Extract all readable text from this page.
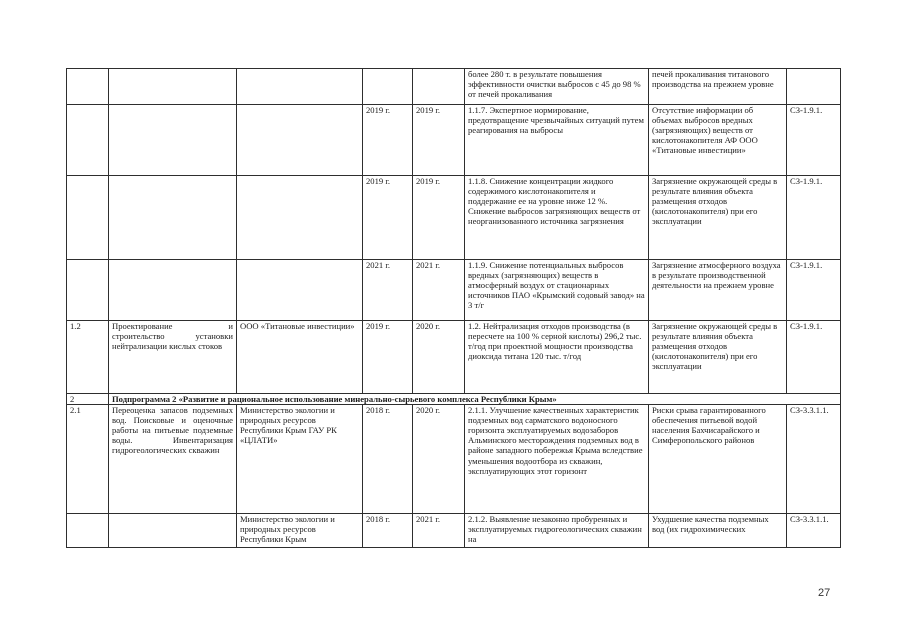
					более 280 т. в результате повышения эффективности очистки выбросов с 45 до 98 % от печей прокаливания	печей прокаливания титанового производства на прежнем уровне	
			2019 г.	2019 г.	1.1.7. Экспертное нормирование, предотвращение чрезвычайных ситуаций путем реагирования на выбросы	Отсутствие информации об объемах выбросов вредных (загрязняющих) веществ от кислотонакопителя АФ ООО «Титановые инвестиции»	СЗ-1.9.1.
			2019 г.	2019 г.	1.1.8. Снижение концентрации жидкого содержимого кислотонакопителя и поддержание ее на уровне ниже 12 %. Снижение выбросов загрязняющих веществ от неорганизованного источника загрязнения	Загрязнение окружающей среды в результате влияния объекта размещения отходов (кислотонакопителя) при его эксплуатации	СЗ-1.9.1.
			2021 г.	2021 г.	1.1.9. Снижение потенциальных выбросов вредных (загрязняющих) веществ в атмосферный воздух от стационарных источников ПАО «Крымский содовый завод» на 3 т/г	Загрязнение атмосферного воздуха в результате производственной деятельности на прежнем уровне	СЗ-1.9.1.
1.2	Проектирование и строительство установки нейтрализации кислых стоков	ООО «Титановые инвестиции»	2019 г.	2020 г.	1.2. Нейтрализация отходов производства (в пересчете на 100 % серной кислоты) 296,2 тыс. т/год при проектной мощности производства диоксида титана 120 тыс. т/год	Загрязнение окружающей среды в результате влияния объекта размещения отходов (кислотонакопителя) при его эксплуатации	СЗ-1.9.1.
2	Подпрограмма 2 «Развитие и рациональное использование минерально-сырьевого комплекса Республики Крым»						
2.1	Переоценка запасов подземных вод. Поисковые и оценочные работы на питьевые подземные воды. Инвентаризация гидрогеологических скважин	Министерство экологии и природных ресурсов Республики Крым ГАУ РК «ЦЛАТИ»	2018 г.	2020 г.	2.1.1. Улучшение качественных характеристик подземных вод сарматского водоносного горизонта эксплуатируемых водозаборов Альминского месторождения подземных вод в районе западного побережья Крыма вследствие уменьшения водоотбора из скважин, эксплуатирующих этот горизонт	Риски срыва гарантированного обеспечения питьевой водой населения Бахчисарайского и Симферопольского районов	СЗ-3.3.1.1.
		Министерство экологии и природных ресурсов Республики Крым	2018 г.	2021 г.	2.1.2. Выявление незаконно пробуренных и эксплуатируемых гидрогеологических скважин на	Ухудшение качества подземных вод (их гидрохимических	СЗ-3.3.1.1.
27
